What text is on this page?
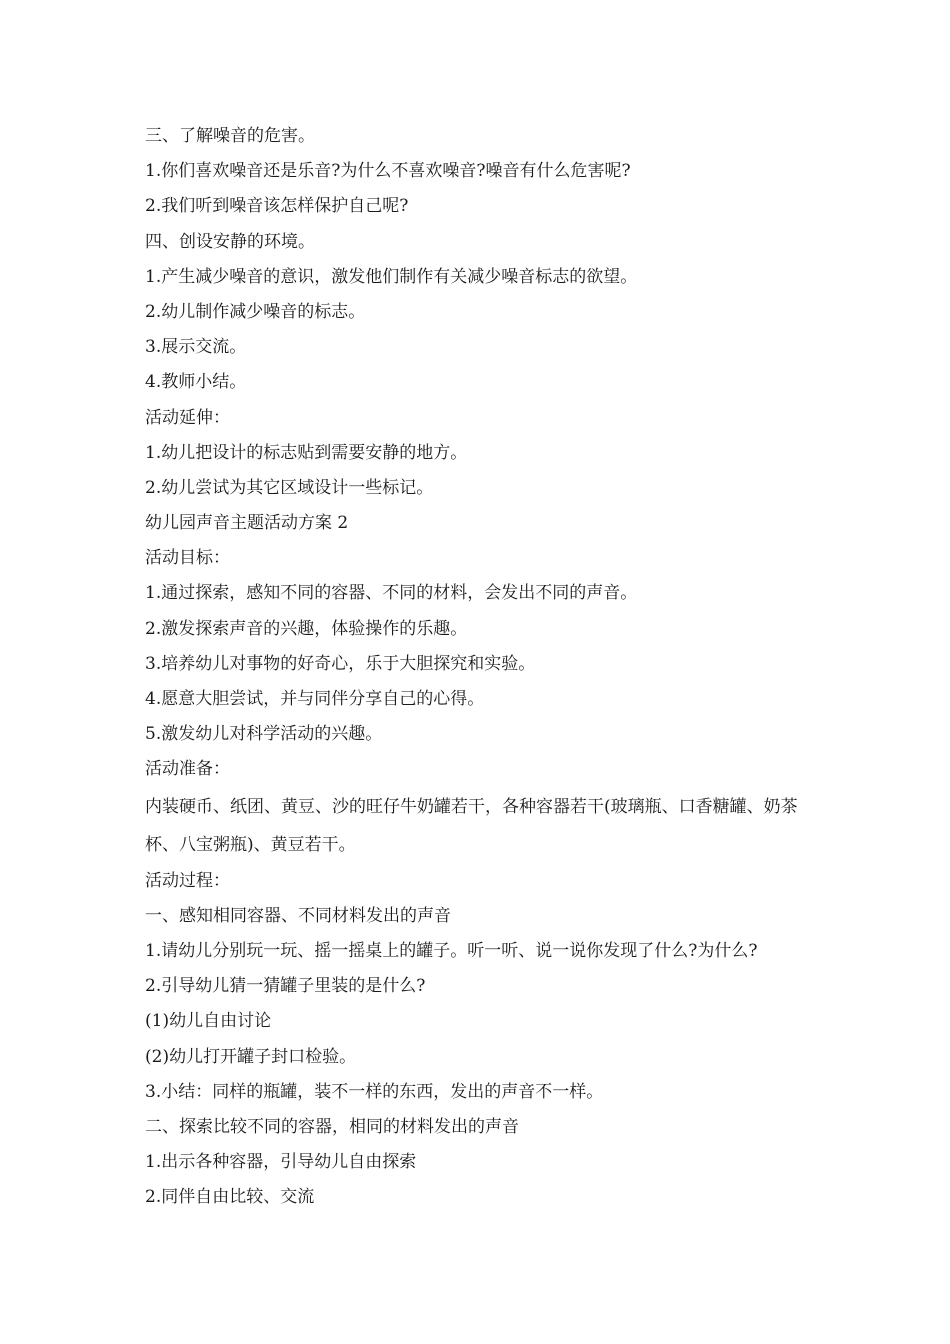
三、了解噪音的危害。

1.你们喜欢噪音还是乐音?为什么不喜欢噪音?噪音有什么危害呢?

2.我们听到噪音该怎样保护自己呢?

四、创设安静的环境。

1.产生减少噪音的意识，激发他们制作有关减少噪音标志的欲望。

2.幼儿制作减少噪音的标志。

3.展示交流。

4.教师小结。

活动延伸：

1.幼儿把设计的标志贴到需要安静的地方。

2.幼儿尝试为其它区域设计一些标记。

幼儿园声音主题活动方案 2

活动目标：

1.通过探索，感知不同的容器、不同的材料，会发出不同的声音。

2.激发探索声音的兴趣，体验操作的乐趣。

3.培养幼儿对事物的好奇心，乐于大胆探究和实验。

4.愿意大胆尝试，并与同伴分享自己的心得。

5.激发幼儿对科学活动的兴趣。

活动准备：

内装硬币、纸团、黄豆、沙的旺仔牛奶罐若干，各种容器若干(玻璃瓶、口香糖罐、奶茶杯、八宝粥瓶)、黄豆若干。

活动过程：

一、感知相同容器、不同材料发出的声音

1.请幼儿分别玩一玩、摇一摇桌上的罐子。听一听、说一说你发现了什么?为什么?

2.引导幼儿猜一猜罐子里装的是什么?

(1)幼儿自由讨论

(2)幼儿打开罐子封口检验。

3.小结：同样的瓶罐，装不一样的东西，发出的声音不一样。

二、探索比较不同的容器，相同的材料发出的声音

1.出示各种容器，引导幼儿自由探索

2.同伴自由比较、交流
